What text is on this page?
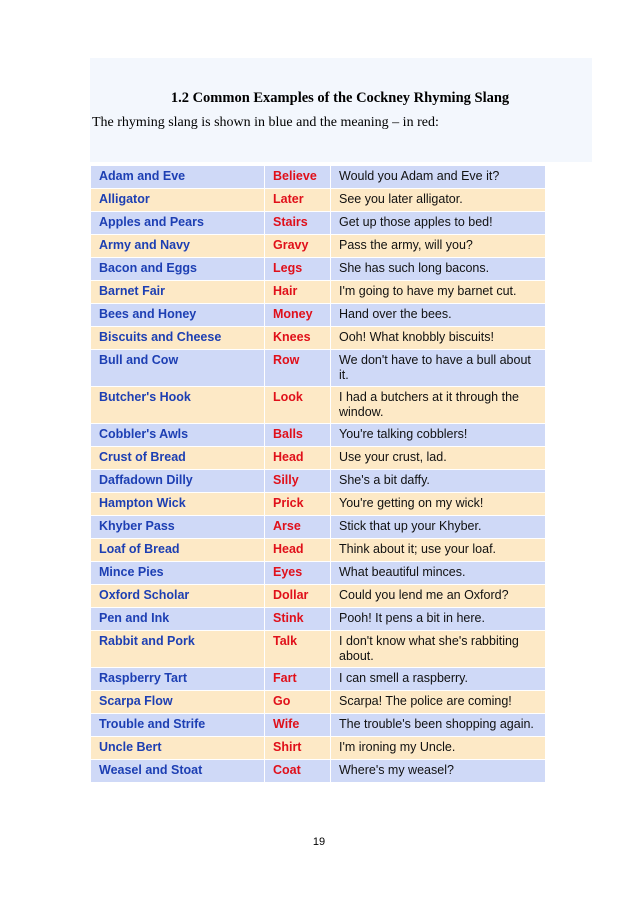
1.2 Common Examples of the Cockney Rhyming Slang
The rhyming slang is shown in blue and the meaning – in red:
Adam and Eve	Believe	Would you Adam and Eve it?
Alligator	Later	See you later alligator.
Apples and Pears	Stairs	Get up those apples to bed!
Army and Navy	Gravy	Pass the army, will you?
Bacon and Eggs	Legs	She has such long bacons.
Barnet Fair	Hair	I'm going to have my barnet cut.
Bees and Honey	Money	Hand over the bees.
Biscuits and Cheese	Knees	Ooh! What knobbly biscuits!
Bull and Cow	Row	We don't have to have a bull about it.
Butcher's Hook	Look	I had a butchers at it through the window.
Cobbler's Awls	Balls	You're talking cobblers!
Crust of Bread	Head	Use your crust, lad.
Daffadown Dilly	Silly	She's a bit daffy.
Hampton Wick	Prick	You're getting on my wick!
Khyber Pass	Arse	Stick that up your Khyber.
Loaf of Bread	Head	Think about it; use your loaf.
Mince Pies	Eyes	What beautiful minces.
Oxford Scholar	Dollar	Could you lend me an Oxford?
Pen and Ink	Stink	Pooh! It pens a bit in here.
Rabbit and Pork	Talk	I don't know what she's rabbiting about.
Raspberry Tart	Fart	I can smell a raspberry.
Scarpa Flow	Go	Scarpa! The police are coming!
Trouble and Strife	Wife	The trouble's been shopping again.
Uncle Bert	Shirt	I'm ironing my Uncle.
Weasel and Stoat	Coat	Where's my weasel?
19
